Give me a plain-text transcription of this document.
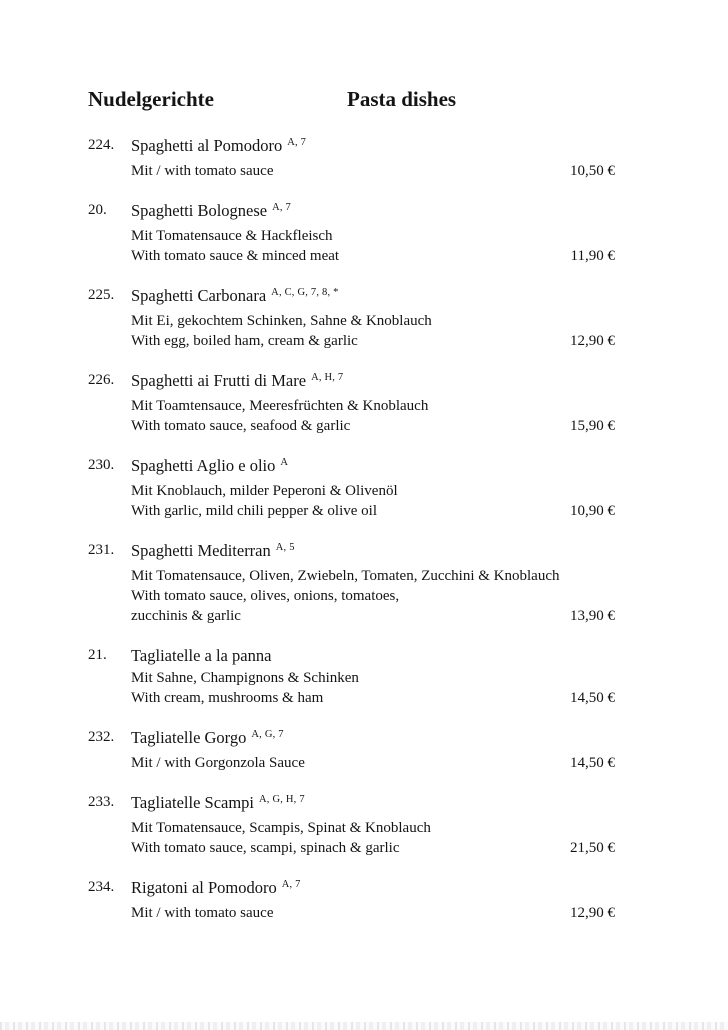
Nudelgerichte	Pasta dishes
224.	Spaghetti al Pomodoro $^{A, 7}$
Mit / with tomato sauce	10,50 €
20.	Spaghetti Bolognese $^{A, 7}$
Mit Tomatensauce & Hackfleisch
With tomato sauce & minced meat	11,90 €
225.	Spaghetti Carbonara $^{A, C, G, 7, 8, *}$
Mit Ei, gekochtem Schinken, Sahne & Knoblauch
With egg, boiled ham, cream & garlic	12,90 €
226.	Spaghetti ai Frutti di Mare $^{A, H, 7}$
Mit Toamtensauce, Meeresfrüchten & Knoblauch
With tomato sauce, seafood & garlic	15,90 €
230.	Spaghetti Aglio e olio $^A$
Mit Knoblauch, milder Peperoni & Olivenöl
With garlic, mild chili pepper & olive oil	10,90 €
231.	Spaghetti Mediterran $^{A, 5}$
Mit Tomatensauce, Oliven, Zwiebeln, Tomaten, Zucchini & Knoblauch
With tomato sauce, olives, onions, tomatoes,
zucchinis & garlic	13,90 €
21.	Tagliatelle a la panna
Mit Sahne, Champignons & Schinken
With cream, mushrooms & ham	14,50 €
232.	Tagliatelle Gorgo $^{A, G, 7}$
Mit / with Gorgonzola Sauce	14,50 €
233.	Tagliatelle Scampi $^{A, G, H, 7}$
Mit Tomatensauce, Scampis, Spinat & Knoblauch
With tomato sauce, scampi, spinach & garlic	21,50 €
234.	Rigatoni al Pomodoro $^{A, 7}$
Mit / with tomato sauce	12,90 €
